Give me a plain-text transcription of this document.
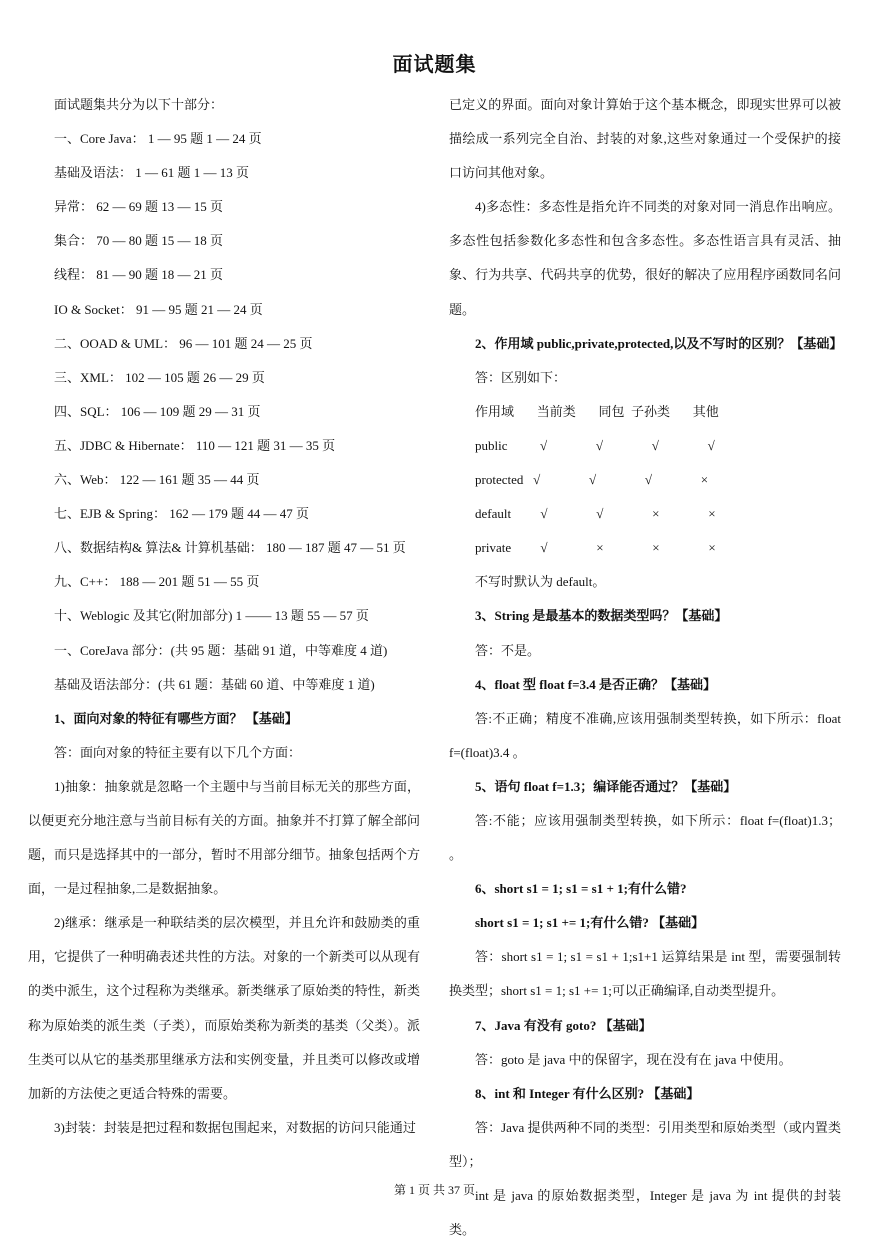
面试题集

面试题集共分为以下十部分：

一、Core Java： 1 — 95 题 1 — 24 页

基础及语法： 1 — 61 题 1 — 13 页

异常： 62 — 69 题 13 — 15 页

集合： 70 — 80 题 15 — 18 页

线程： 81 — 90 题 18 — 21 页

IO & Socket： 91 — 95 题 21 — 24 页

二、OOAD & UML： 96 — 101 题 24 — 25 页

三、XML： 102 — 105 题 26 — 29 页

四、SQL： 106 — 109 题 29 — 31 页

五、JDBC & Hibernate： 110 — 121 题 31 — 35 页

六、Web： 122 — 161 题 35 — 44 页

七、EJB & Spring： 162 — 179 题 44 — 47 页

八、数据结构& 算法& 计算机基础： 180 — 187 题 47 — 51 页

九、C++： 188 — 201 题 51 — 55 页

十、Weblogic 及其它(附加部分) 1 —— 13 题 55 — 57 页

一、CoreJava 部分：(共 95 题：基础 91 道，中等难度 4 道)

基础及语法部分：(共 61 题：基础 60 道、中等难度 1 道)

1、面向对象的特征有哪些方面？ 【基础】

答：面向对象的特征主要有以下几个方面：

1)抽象：抽象就是忽略一个主题中与当前目标无关的那些方面，以便更充分地注意与当前目标有关的方面。抽象并不打算了解全部问题，而只是选择其中的一部分，暂时不用部分细节。抽象包括两个方面，一是过程抽象,二是数据抽象。

2)继承：继承是一种联结类的层次模型，并且允许和鼓励类的重用，它提供了一种明确表述共性的方法。对象的一个新类可以从现有的类中派生，这个过程称为类继承。新类继承了原始类的特性，新类称为原始类的派生类（子类），而原始类称为新类的基类（父类）。派生类可以从它的基类那里继承方法和实例变量，并且类可以修改或增加新的方法使之更适合特殊的需要。

3)封装：封装是把过程和数据包围起来，对数据的访问只能通过

已定义的界面。面向对象计算始于这个基本概念，即现实世界可以被描绘成一系列完全自治、封装的对象,这些对象通过一个受保护的接口访问其他对象。

4)多态性：多态性是指允许不同类的对象对同一消息作出响应。多态性包括参数化多态性和包含多态性。多态性语言具有灵活、抽象、行为共享、代码共享的优势，很好的解决了应用程序函数同名问题。

2、作用域 public,private,protected,以及不写时的区别？【基础】

答：区别如下：

作用域       当前类       同包  子孙类       其他

public          √               √               √               √

protected   √               √               √               ×

default         √               √               ×               ×

private         √               ×               ×               ×

不写时默认为 default。

3、String 是最基本的数据类型吗？【基础】

答：不是。

4、float 型 float f=3.4 是否正确？【基础】

答:不正确；精度不准确,应该用强制类型转换，如下所示：float f=(float)3.4 。

5、语句 float f=1.3；编译能否通过？【基础】

答:不能；应该用强制类型转换，如下所示：float f=(float)1.3； 。

6、short s1 = 1; s1 = s1 + 1;有什么错?

short s1 = 1; s1 += 1;有什么错? 【基础】

答：short s1 = 1; s1 = s1 + 1;s1+1 运算结果是 int 型，需要强制转换类型；short s1 = 1; s1 += 1;可以正确编译,自动类型提升。

7、Java 有没有 goto? 【基础】

答：goto 是 java 中的保留字，现在没有在 java 中使用。

8、int 和 Integer 有什么区别? 【基础】

答：Java 提供两种不同的类型：引用类型和原始类型（或内置类型）；

int 是 java 的原始数据类型，Integer 是 java 为 int 提供的封装类。

第 1 页 共 37 页
